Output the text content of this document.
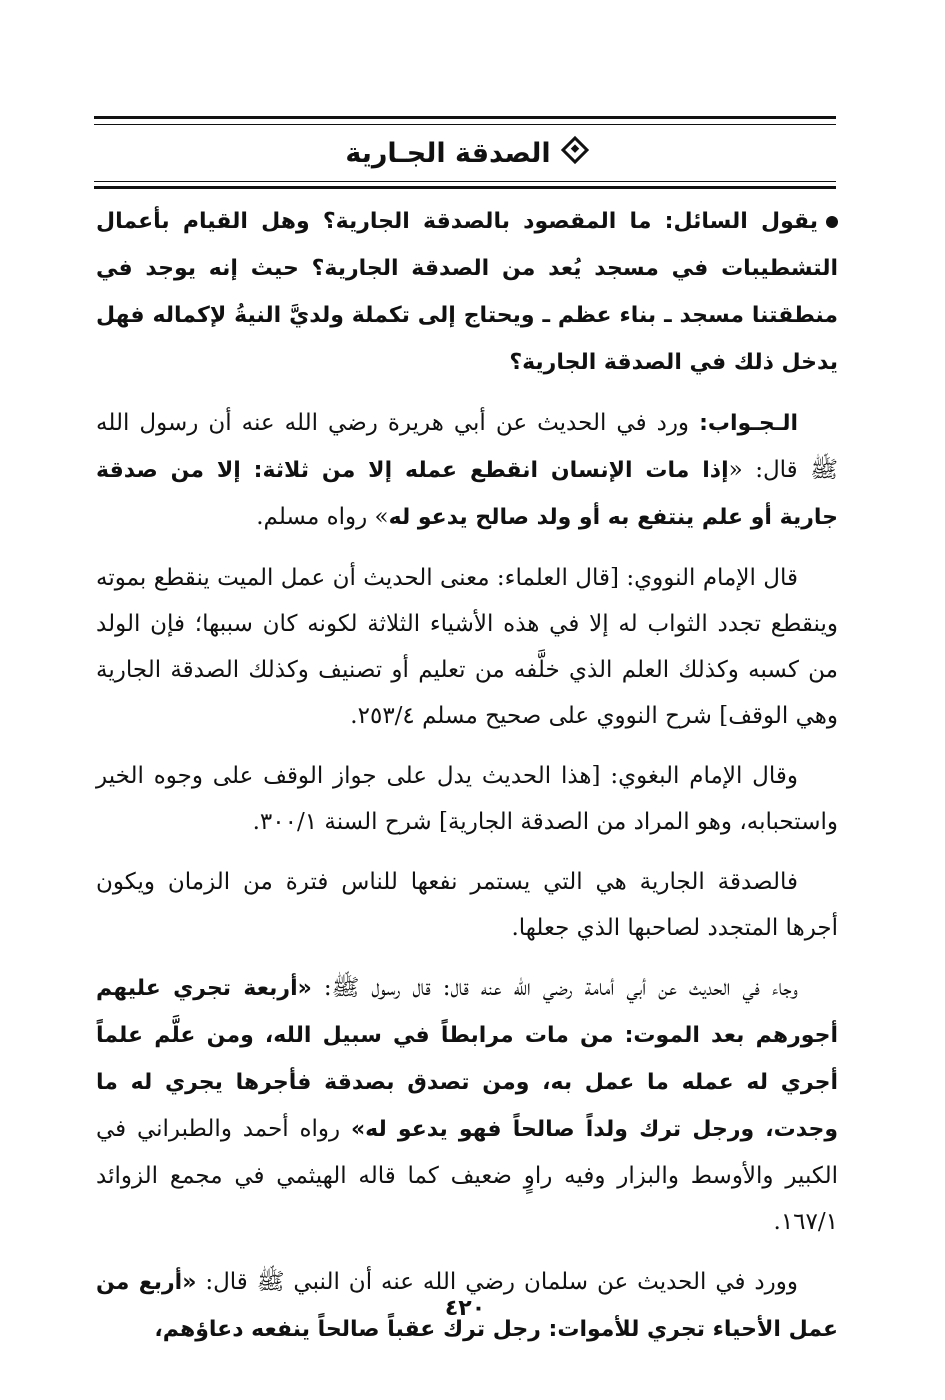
الصدقة الجـارية

يقول السائل: ما المقصود بالصدقة الجارية؟ وهل القيام بأعمال التشطيبات في مسجد يُعد من الصدقة الجارية؟ حيث إنه يوجد في منطقتنا مسجد ـ بناء عظم ـ ويحتاج إلى تكملة ولديَّ النيةُ لإكماله فهل يدخل ذلك في الصدقة الجارية؟

الـجـواب: ورد في الحديث عن أبي هريرة رضي الله عنه أن رسول الله ﷺ قال: «إذا مات الإنسان انقطع عمله إلا من ثلاثة: إلا من صدقة جارية أو علم ينتفع به أو ولد صالح يدعو له» رواه مسلم.

قال الإمام النووي: [قال العلماء: معنى الحديث أن عمل الميت ينقطع بموته وينقطع تجدد الثواب له إلا في هذه الأشياء الثلاثة لكونه كان سببها؛ فإن الولد من كسبه وكذلك العلم الذي خلَّفه من تعليم أو تصنيف وكذلك الصدقة الجارية وهي الوقف] شرح النووي على صحيح مسلم ٢٥٣/٤.

وقال الإمام البغوي: [هذا الحديث يدل على جواز الوقف على وجوه الخير واستحبابه، وهو المراد من الصدقة الجارية] شرح السنة ٣٠٠/١.

فالصدقة الجارية هي التي يستمر نفعها للناس فترة من الزمان ويكون أجرها المتجدد لصاحبها الذي جعلها.

وجاء في الحديث عن أبي أمامة رضي الله عنه قال: قال رسول ﷺ: «أربعة تجري عليهم أجورهم بعد الموت: من مات مرابطاً في سبيل الله، ومن علَّم علماً أجري له عمله ما عمل به، ومن تصدق بصدقة فأجرها يجري له ما وجدت، ورجل ترك ولداً صالحاً فهو يدعو له» رواه أحمد والطبراني في الكبير والأوسط والبزار وفيه راوٍ ضعيف كما قاله الهيثمي في مجمع الزوائد ١٦٧/١.

وورد في الحديث عن سلمان رضي الله عنه أن النبي ﷺ قال: «أربع من عمل الأحياء تجري للأموات: رجل ترك عقباً صالحاً ينفعه دعاؤهم،

٤٢٠
